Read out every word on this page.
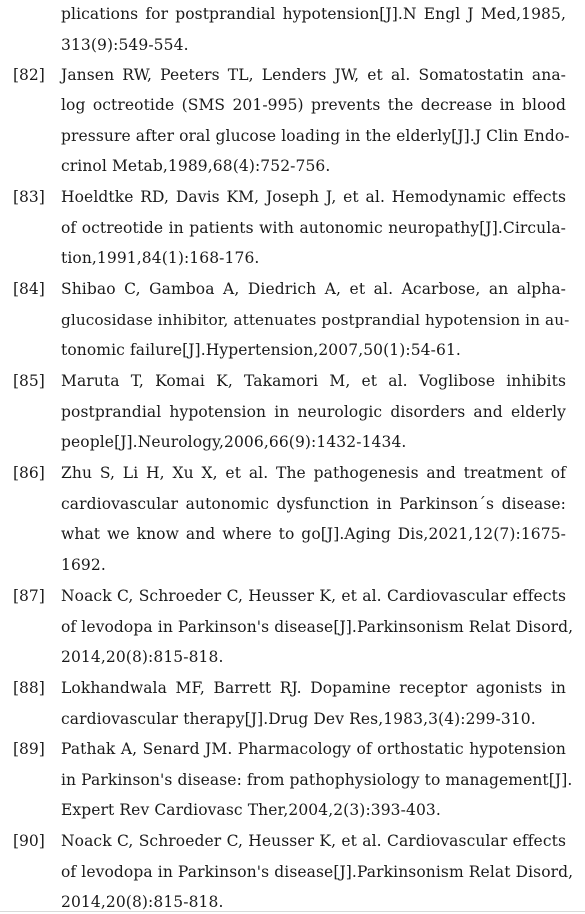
plications for postprandial hypotension[J].N Engl J Med,1985,
313(9):549-554.
[82] Jansen RW, Peeters TL, Lenders JW, et al. Somatostatin ana-
log octreotide (SMS 201-995) prevents the decrease in blood
pressure after oral glucose loading in the elderly[J].J Clin Endo-
crinol Metab,1989,68(4):752-756.
[83] Hoeldtke RD, Davis KM, Joseph J, et al. Hemodynamic effects
of octreotide in patients with autonomic neuropathy[J].Circula-
tion,1991,84(1):168-176.
[84] Shibao C, Gamboa A, Diedrich A, et al. Acarbose, an alpha-
glucosidase inhibitor, attenuates postprandial hypotension in au-
tonomic failure[J].Hypertension,2007,50(1):54-61.
[85] Maruta T, Komai K, Takamori M, et al. Voglibose inhibits
postprandial hypotension in neurologic disorders and elderly
people[J].Neurology,2006,66(9):1432-1434.
[86] Zhu S, Li H, Xu X, et al. The pathogenesis and treatment of
cardiovascular autonomic dysfunction in Parkinson´s disease:
what we know and where to go[J].Aging Dis,2021,12(7):1675-
1692.
[87] Noack C, Schroeder C, Heusser K, et al. Cardiovascular effects
of levodopa in Parkinson's disease[J].Parkinsonism Relat Disord,
2014,20(8):815-818.
[88] Lokhandwala MF, Barrett RJ. Dopamine receptor agonists in
cardiovascular therapy[J].Drug Dev Res,1983,3(4):299-310.
[89] Pathak A, Senard JM. Pharmacology of orthostatic hypotension
in Parkinson's disease: from pathophysiology to management[J].
Expert Rev Cardiovasc Ther,2004,2(3):393-403.
[90] Noack C, Schroeder C, Heusser K, et al. Cardiovascular effects
of levodopa in Parkinson's disease[J].Parkinsonism Relat Disord,
2014,20(8):815-818.
